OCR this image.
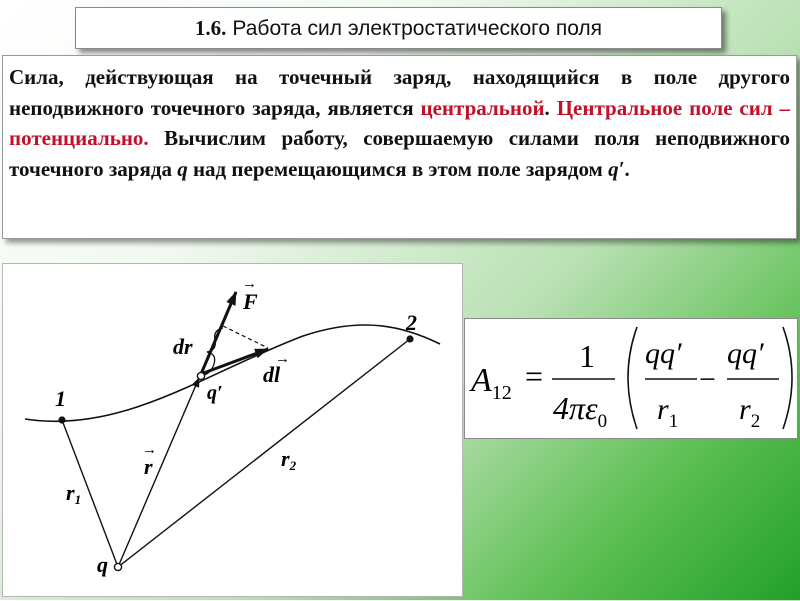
1.6. Работа сил электростатического поля

Сила, действующая на точечный заряд, находящийся в поле другого неподвижного точечного заряда, является центральной. Центральное поле сил – потенциально. Вычислим работу, совершаемую силами поля неподвижного точечного заряда q над перемещающимся в этом поле зарядом q′.

1
2
q
q′
→
r
r1
r2
→
F
→
dl
dr
$A_{12}$ =
1
$4\pi\varepsilon_0$
qq′
$r_1$
−
qq′
$r_2$
